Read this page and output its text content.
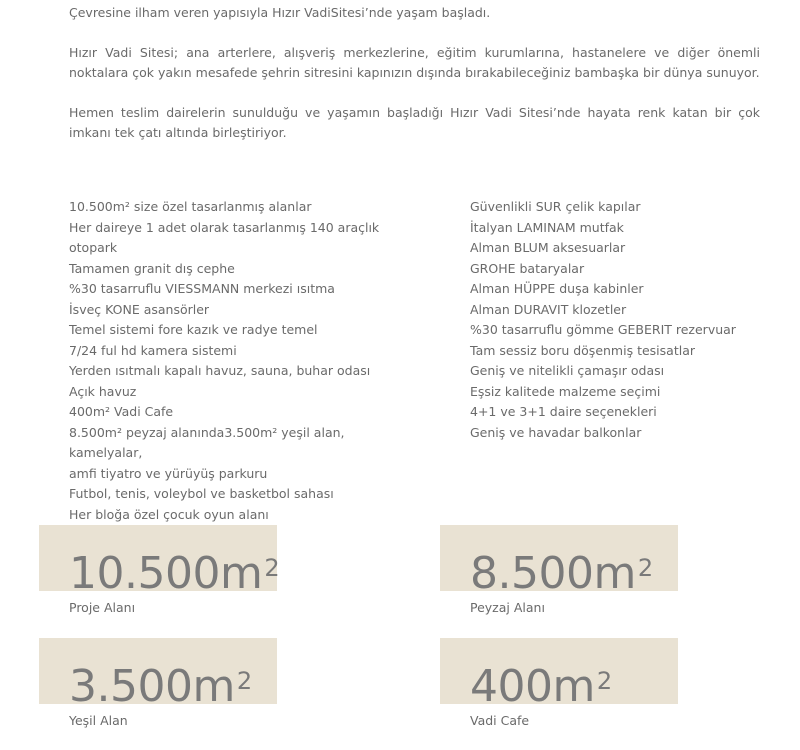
Çevresine ilham veren yapısıyla Hızır VadiSitesi’nde yaşam başladı.

Hızır Vadi Sitesi; ana arterlere, alışveriş merkezlerine, eğitim kurumlarına, hastanelere ve diğer önemli noktalara çok yakın mesafede şehrin sitresini kapınızın dışında bırakabileceğiniz bambaşka bir dünya sunuyor.

Hemen teslim dairelerin sunulduğu ve yaşamın başladığı Hızır Vadi Sitesi’nde hayata renk katan bir çok imkanı tek çatı altında birleştiriyor.

10.500m² size özel tasarlanmış alanlar
Her daireye 1 adet olarak tasarlanmış 140 araçlık otopark
Tamamen granit dış cephe
%30 tasarruflu VIESSMANN merkezi ısıtma
İsveç KONE asansörler
Temel sistemi fore kazık ve radye temel
7/24 ful hd kamera sistemi
Yerden ısıtmalı kapalı havuz, sauna, buhar odası
Açık havuz
400m² Vadi Cafe
8.500m² peyzaj alanında3.500m² yeşil alan, kamelyalar,
amfi tiyatro ve yürüyüş parkuru
Futbol, tenis, voleybol ve basketbol sahası
Her bloğa özel çocuk oyun alanı
Güvenlikli SUR çelik kapılar
İtalyan LAMINAM mutfak
Alman BLUM aksesuarlar
GROHE bataryalar
Alman HÜPPE duşa kabinler
Alman DURAVIT klozetler
%30 tasarruflu gömme GEBERIT rezervuar
Tam sessiz boru döşenmiş tesisatlar
Geniş ve nitelikli çamaşır odası
Eşsiz kalitede malzeme seçimi
4+1 ve 3+1 daire seçenekleri
Geniş ve havadar balkonlar
$10.500m^2$
Proje Alanı
$8.500m^2$
Peyzaj Alanı
$3.500m^2$
Yeşil Alan
$400m^2$
Vadi Cafe
